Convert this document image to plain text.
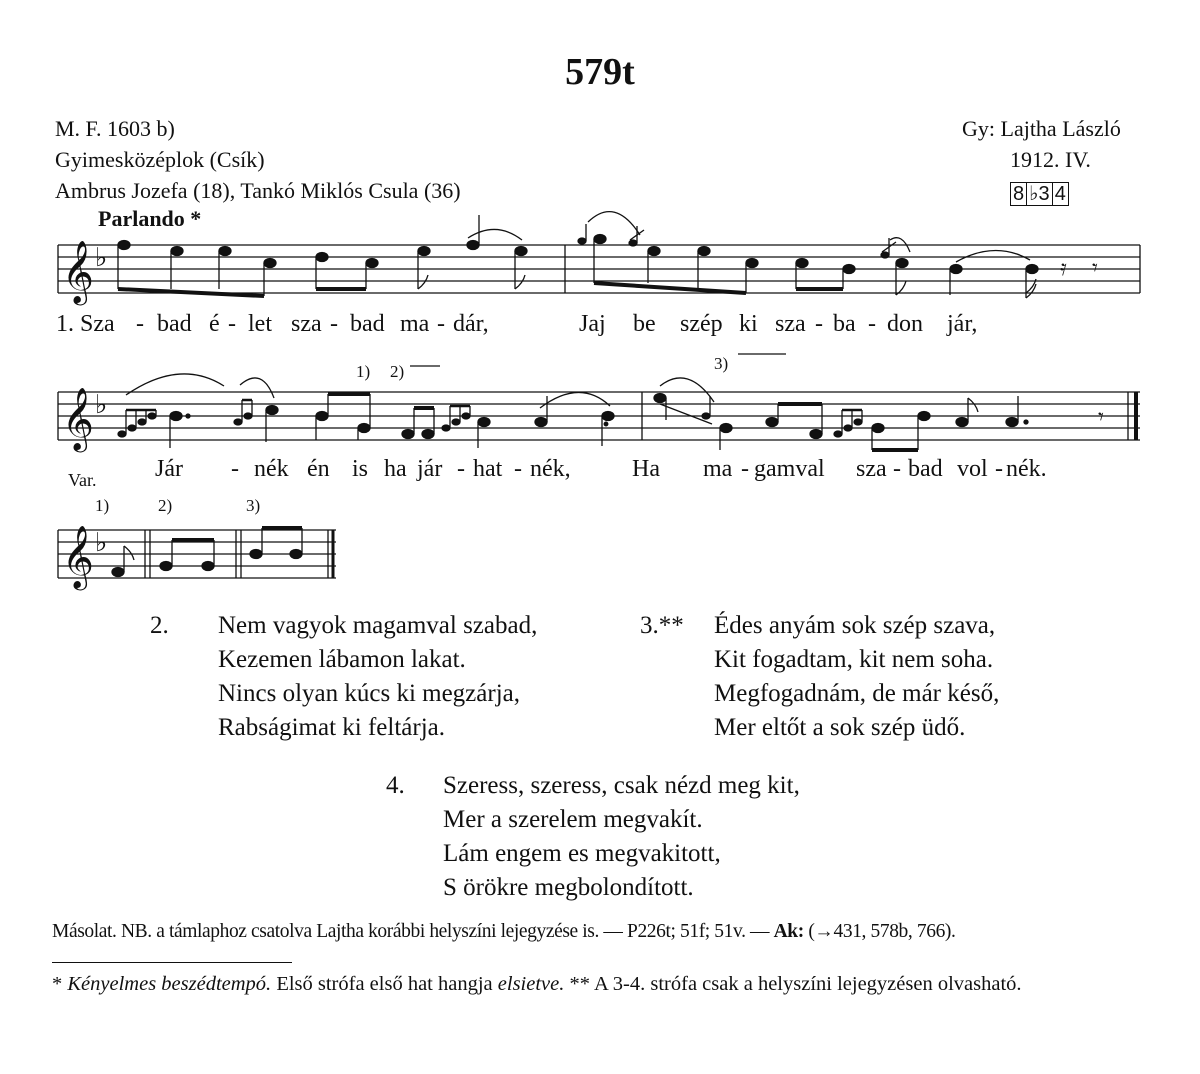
579t
M. F. 1603 b)
Gyimesközéplok (Csík)
Ambrus Jozefa (18), Tankó Miklós Csula (36)
Gy: Lajtha László
1912. IV.
8 ♭3 4
Parlando *
𝄞 ♭
𝄞 ♭
𝄞 ♭
𝄿 𝄾
𝄾
1) 2)	3)
1. Sza - bad é - let sza - bad ma - dár,	Jaj be szép ki sza - ba - don jár,
Var. Jár - nék én is ha jár - hat - nék,	Ha ma - gamval sza - bad vol - nék.
1)	2)	3)
2. Nem vagyok magamval szabad,
Kezemen lábamon lakat.
Nincs olyan kúcs ki megzárja,
Rabságimat ki feltárja.
3.** Édes anyám sok szép szava,
Kit fogadtam, kit nem soha.
Megfogadnám, de már késő,
Mer eltőt a sok szép üdő.
4. Szeress, szeress, csak nézd meg kit,
Mer a szerelem megvakít.
Lám engem es megvakitott,
S örökre megbolondított.
Másolat. NB. a támlaphoz csatolva Lajtha korábbi helyszíni lejegyzése is. — P226t; 51f; 51v. — Ak: (→431, 578b, 766).
* Kényelmes beszédtempó. Első strófa első hat hangja elsietve. ** A 3-4. strófa csak a helyszíni lejegyzésen olvasható.
